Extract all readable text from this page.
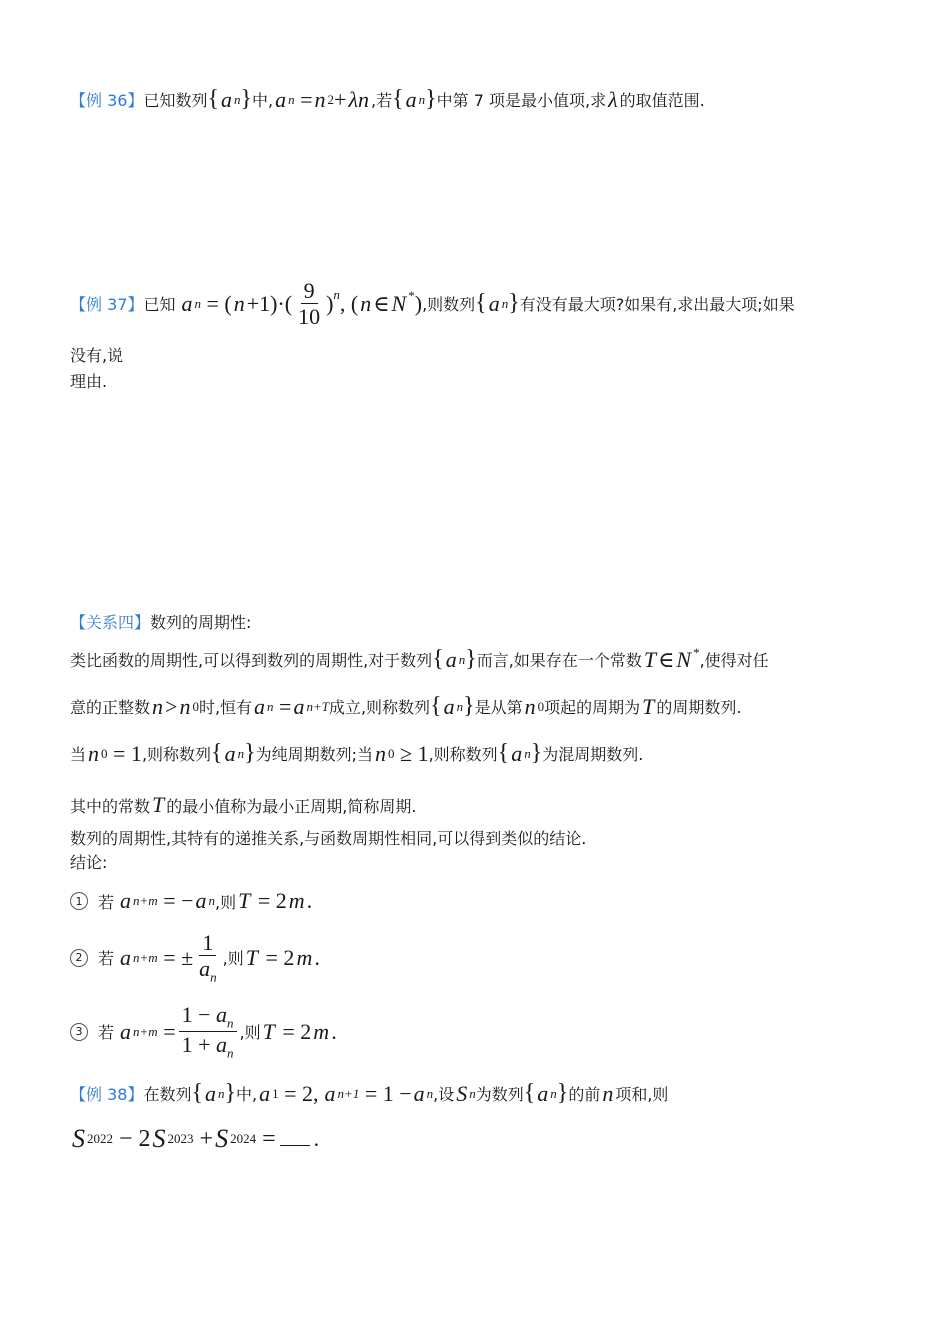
【例 36】 已知数列 { a n } 中, a n = n 2 + λn ,若 { a n } 中第 7 项是最小值项,求 λ 的取值范围.
【例 37】 已知 a n = ( $n +1)\cdot( \frac{9}{10} )^n$ , ( n ∈ N* ) ,则数列 { a n } 有没有最大项?如果有,求出最大项;如果
没有,说
理由.
【关系四】 数列的周期性:
类比函数的周期性,可以得到数列的周期性,对于数列 { a n } 而言,如果存在一个常数 T ∈ N* ,使得对任
意的正整数 n > n 0 时,恒有 a n = a n+T 成立,则称数列 { a n } 是从第 n 0 项起的周期为 T 的周期数列.
当 n 0 = 1 ,则称数列 { a n } 为纯周期数列;当 n 0 ≥ 1 ,则称数列 { a n } 为混周期数列.
其中的常数 T 的最小值称为最小正周期,简称周期.
数列的周期性,其特有的递推关系,与函数周期性相同,可以得到类似的结论.
结论:
1 若 a n+m = − a n ,则 T = 2 m .
2 若 a n+m = ± $\frac{1}{a_n}$ ,则 T = 2 m .
3 若 a $n+m = \frac{1 - a_n}{1 + a_n}$ ,则 T = 2 m .
【例 38】 在数列 { a n } 中, a 1 = 2, a n+1 = 1 − a n ,设 S n 为数列 { a n } 的前 n 项和,则
S 2022 − 2 S 2023 + S 2024 = .
